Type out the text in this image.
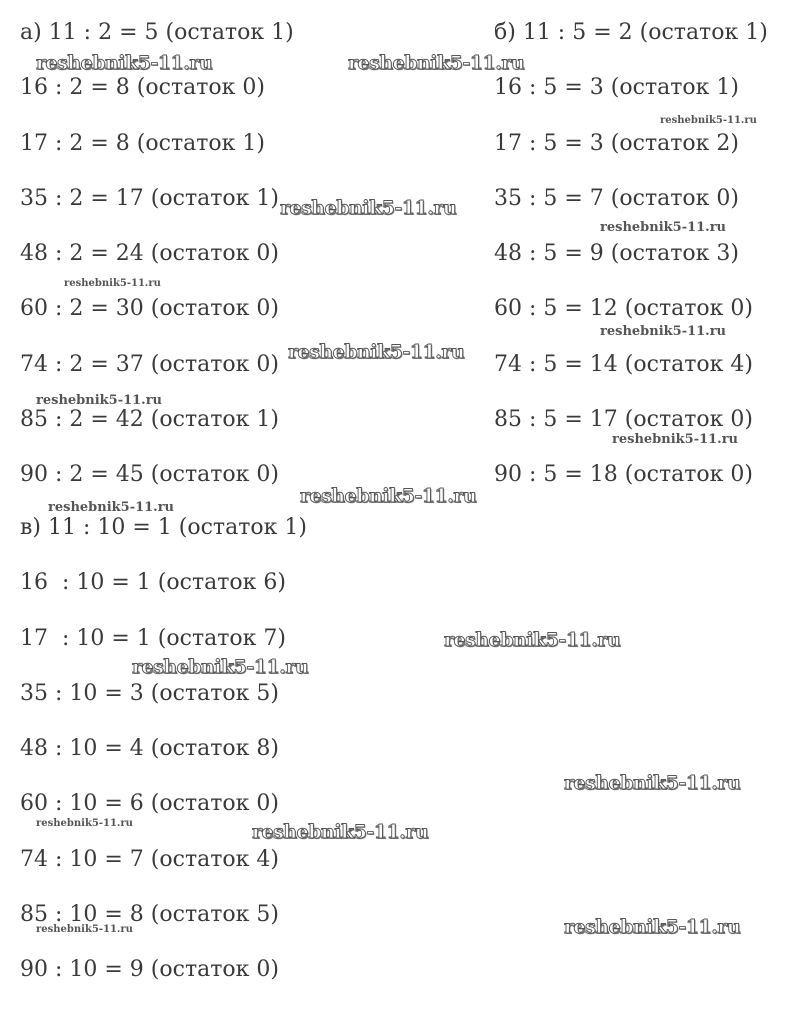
а) 11 : 2 = 5 (остаток 1)
16 : 2 = 8 (остаток 0)
17 : 2 = 8 (остаток 1)
35 : 2 = 17 (остаток 1)
48 : 2 = 24 (остаток 0)
60 : 2 = 30 (остаток 0)
74 : 2 = 37 (остаток 0)
85 : 2 = 42 (остаток 1)
90 : 2 = 45 (остаток 0)
б) 11 : 5 = 2 (остаток 1)
16 : 5 = 3 (остаток 1)
17 : 5 = 3 (остаток 2)
35 : 5 = 7 (остаток 0)
48 : 5 = 9 (остаток 3)
60 : 5 = 12 (остаток 0)
74 : 5 = 14 (остаток 4)
85 : 5 = 17 (остаток 0)
90 : 5 = 18 (остаток 0)
в) 11 : 10 = 1 (остаток 1)
16  : 10 = 1 (остаток 6)
17  : 10 = 1 (остаток 7)
35 : 10 = 3 (остаток 5)
48 : 10 = 4 (остаток 8)
60 : 10 = 6 (остаток 0)
74 : 10 = 7 (остаток 4)
85 : 10 = 8 (остаток 5)
90 : 10 = 9 (остаток 0)
reshebnik5-11.ru	reshebnik5-11.ru
reshebnik5-11.ru
reshebnik5-11.ru
reshebnik5-11.ru
reshebnik5-11.ru
reshebnik5-11.ru
reshebnik5-11.ru
reshebnik5-11.ru
reshebnik5-11.ru
reshebnik5-11.ru
reshebnik5-11.ru
reshebnik5-11.ru
reshebnik5-11.ru
reshebnik5-11.ru
reshebnik5-11.ru	reshebnik5-11.ru
reshebnik5-11.ru
reshebnik5-11.ru
